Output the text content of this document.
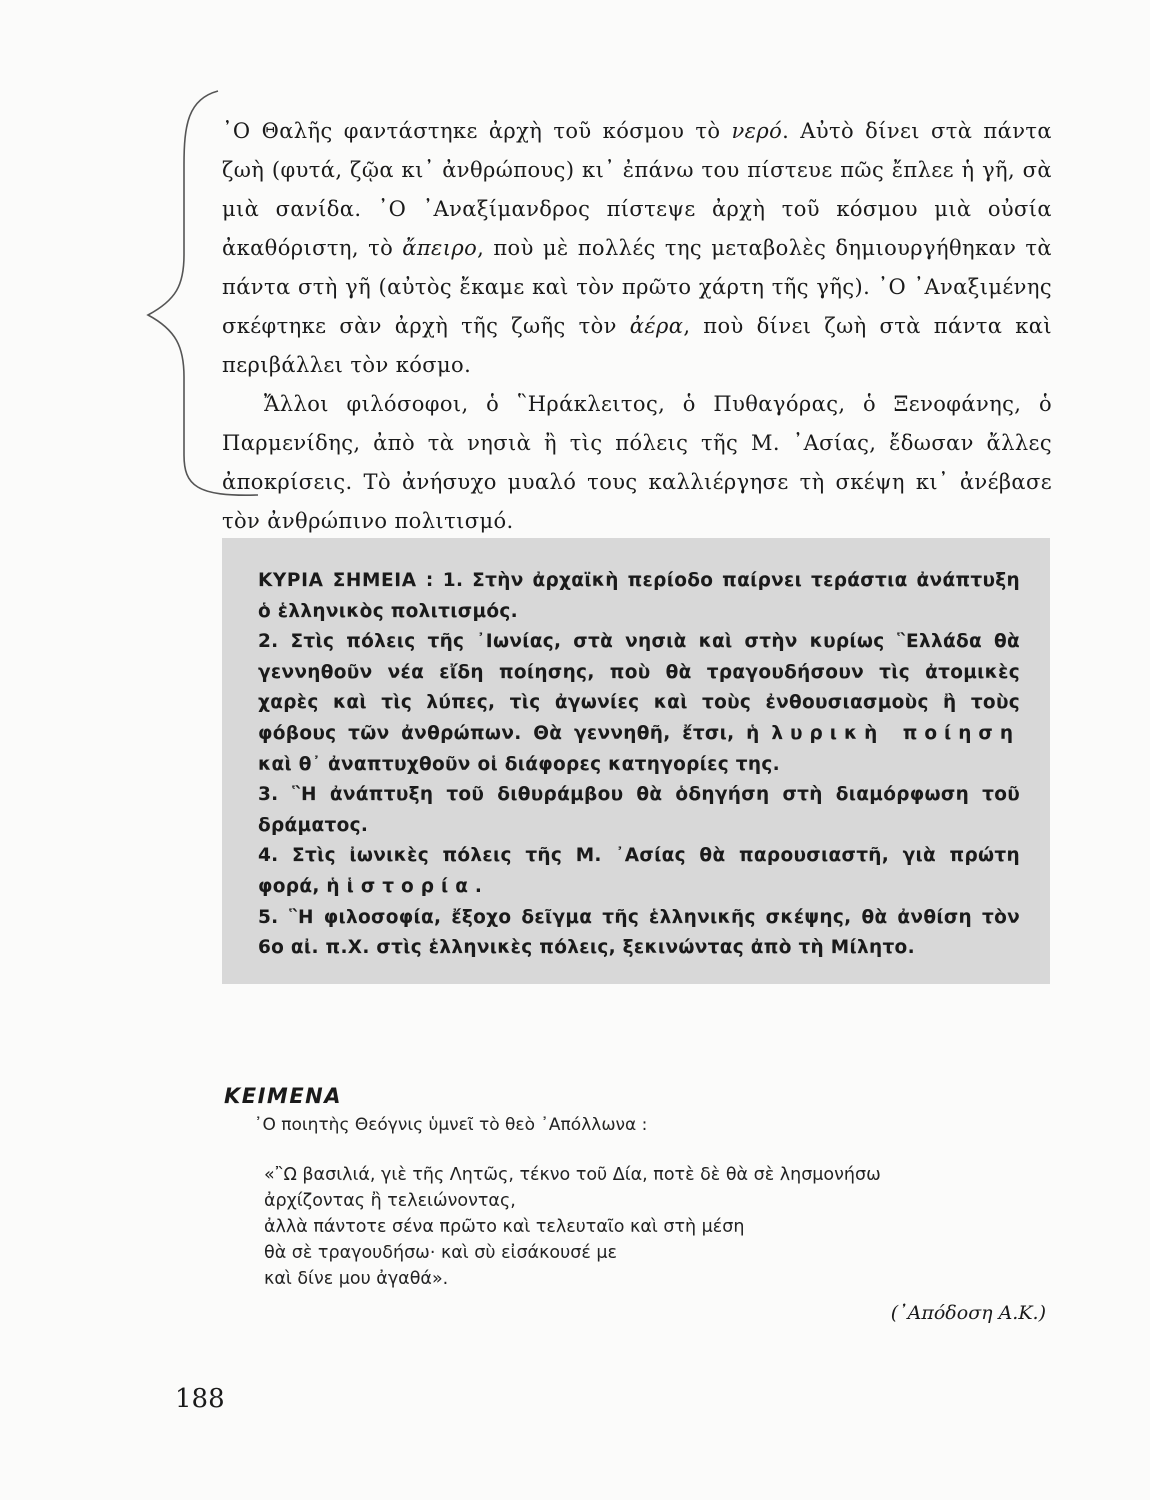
᾿Ο Θαλῆς φαντάστηκε ἀρχὴ τοῦ κόσμου τὸ νερό. Αὐτὸ δίνει στὰ πάντα ζωὴ (φυτά, ζῷα κι᾿ ἀνθρώπους) κι᾿ ἐπάνω του πίστευε πῶς ἔπλεε ἡ γῆ, σὰ μιὰ σανίδα. ᾿Ο ᾿Αναξίμανδρος πίστεψε ἀρχὴ τοῦ κόσμου μιὰ οὐσία ἀκαθόριστη, τὸ ἄπειρο, ποὺ μὲ πολλές της μεταβολὲς δημιουργήθηκαν τὰ πάντα στὴ γῆ (αὐτὸς ἔκαμε καὶ τὸν πρῶτο χάρτη τῆς γῆς). ᾿Ο ᾿Αναξιμένης σκέφτηκε σὰν ἀρχὴ τῆς ζωῆς τὸν ἀέρα, ποὺ δίνει ζωὴ στὰ πάντα καὶ περιβάλλει τὸν κόσμο.

Ἄλλοι φιλόσοφοι, ὁ ῝Ηράκλειτος, ὁ Πυθαγόρας, ὁ Ξενοφάνης, ὁ Παρμενίδης, ἀπὸ τὰ νησιὰ ἢ τὶς πόλεις τῆς Μ. ᾿Ασίας, ἔδωσαν ἄλλες ἀποκρίσεις. Τὸ ἀνήσυχο μυαλό τους καλλιέργησε τὴ σκέψη κι᾿ ἀνέβασε τὸν ἀνθρώπινο πολιτισμό.

ΚΥΡΙΑ ΣΗΜΕΙΑ : 1. Στὴν ἀρχαϊκὴ περίοδο παίρνει τεράστια ἀνάπτυξη ὁ ἑλληνικὸς πολιτισμός.

2. Στὶς πόλεις τῆς ᾿Ιωνίας, στὰ νησιὰ καὶ στὴν κυρίως ῝Ελλάδα θὰ γεννηθοῦν νέα εἴδη ποίησης, ποὺ θὰ τραγουδήσουν τὶς ἀτομικὲς χαρὲς καὶ τὶς λύπες, τὶς ἀγωνίες καὶ τοὺς ἐνθουσιασμοὺς ἢ τοὺς φόβους τῶν ἀνθρώπων. Θὰ γεννηθῆ, ἔτσι, ἡ λυρικὴ ποίηση καὶ θ᾿ ἀναπτυχθοῦν οἱ διάφορες κατηγορίες της.

3. ῝Η ἀνάπτυξη τοῦ διθυράμβου θὰ ὁδηγήση στὴ διαμόρφωση τοῦ δράματος.

4. Στὶς ἰωνικὲς πόλεις τῆς Μ. ᾿Ασίας θὰ παρουσιαστῆ, γιὰ πρώτη φορά, ἡ ἱστορία.

5. ῝Η φιλοσοφία, ἔξοχο δεῖγμα τῆς ἑλληνικῆς σκέψης, θὰ ἀνθίση τὸν 6ο αἰ. π.Χ. στὶς ἑλληνικὲς πόλεις, ξεκινώντας ἀπὸ τὴ Μίλητο.

ΚΕΙΜΕΝΑ

᾿Ο ποιητὴς Θεόγνις ὑμνεῖ τὸ θεὸ ᾿Απόλλωνα :

«῍Ω βασιλιά, γιὲ τῆς Λητῶς, τέκνο τοῦ Δία, ποτὲ δὲ θὰ σὲ λησμονήσω
ἀρχίζοντας ἢ τελειώνοντας,
ἀλλὰ πάντοτε σένα πρῶτο καὶ τελευταῖο καὶ στὴ μέση
θὰ σὲ τραγουδήσω· καὶ σὺ εἰσάκουσέ με
καὶ δίνε μου ἀγαθά».

(᾿Απόδοση Α.Κ.)

188
